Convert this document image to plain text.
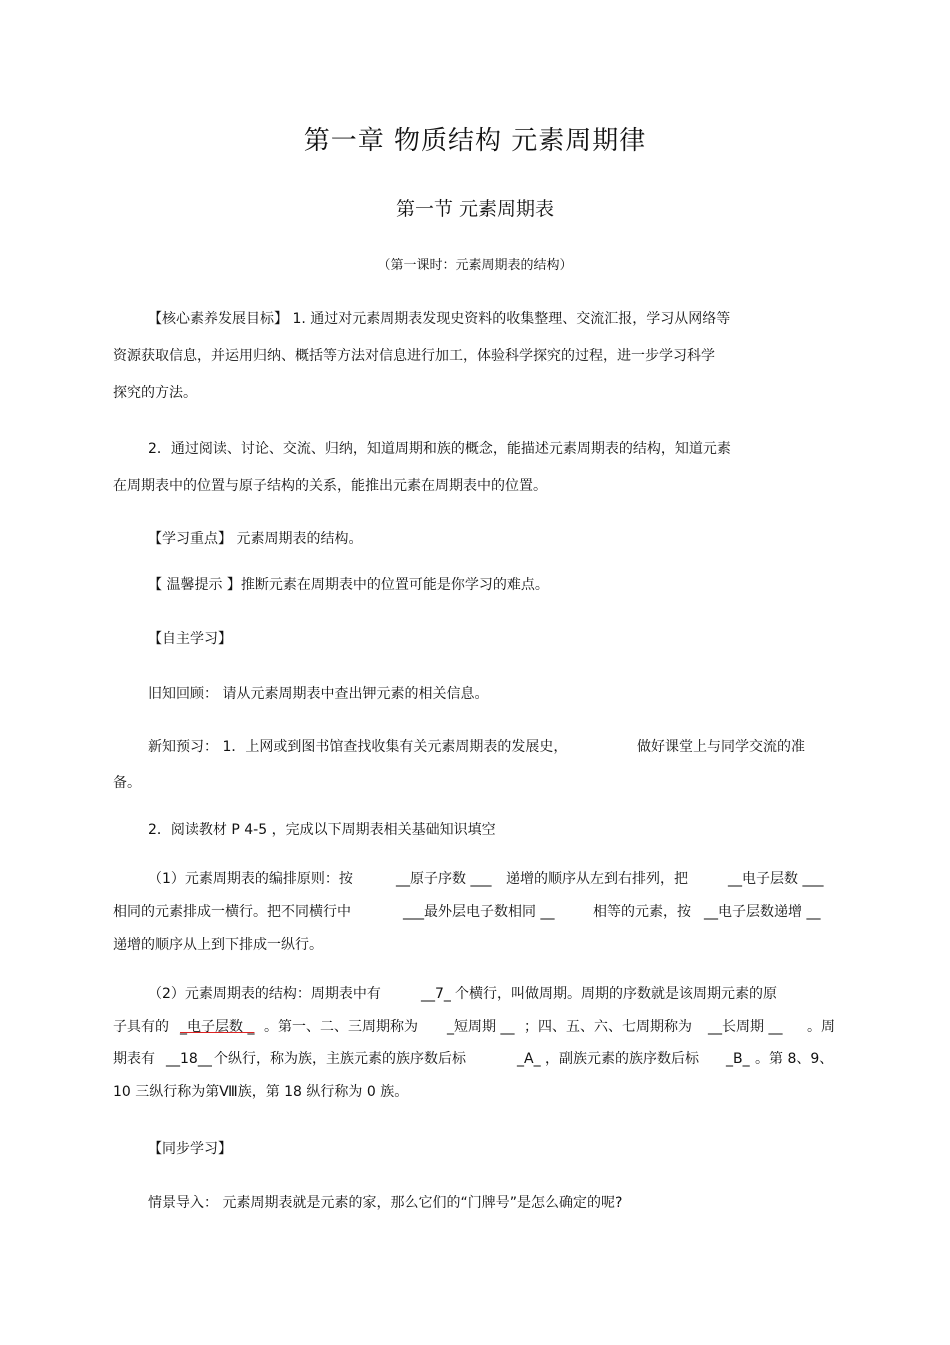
第一章 物质结构 元素周期律
第一节 元素周期表
（第一课时：元素周期表的结构）
【核心素养发展目标】 1. 通过对元素周期表发现史资料的收集整理、交流汇报，学习从网络等
资源获取信息，并运用归纳、概括等方法对信息进行加工，体验科学探究的过程，进一步学习科学
探究的方法。
2．通过阅读、讨论、交流、归纳，知道周期和族的概念，能描述元素周期表的结构，知道元素
在周期表中的位置与原子结构的关系，能推出元素在周期表中的位置。
【学习重点】 元素周期表的结构。
【 温馨提示 】推断元素在周期表中的位置可能是你学习的难点。
【自主学习】
旧知回顾： 请从元素周期表中查出钾元素的相关信息。
新知预习： 1．上网或到图书馆查找收集有关元素周期表的发展史，	做好课堂上与同学交流的准
备。
2．阅读教材 P 4-5 ，完成以下周期表相关基础知识填空
（1）元素周期表的编排原则：按	__原子序数 ___ 递增的顺序从左到右排列，把	__电子层数 ___
相同的元素排成一横行。把不同横行中	___最外层电子数相同 __	相等的元素，按 __电子层数递增 __
递增的顺序从上到下排成一纵行。
（2）元素周期表的结构：周期表中有	__7_ 个横行，叫做周期。周期的序数就是该周期元素的原
子具有的 _电子层数 _ 。第一、二、三周期称为 _短周期 __ ；四、五、六、七周期称为 __长周期 __ 。周
期表有 __18__ 个纵行，称为族，主族元素的族序数后标	_A_ ，副族元素的族序数后标 _B_ 。第 8、9、
10 三纵行称为第Ⅷ族，第 18 纵行称为 0 族。
【同步学习】
情景导入： 元素周期表就是元素的家，那么它们的“门牌号”是怎么确定的呢?
